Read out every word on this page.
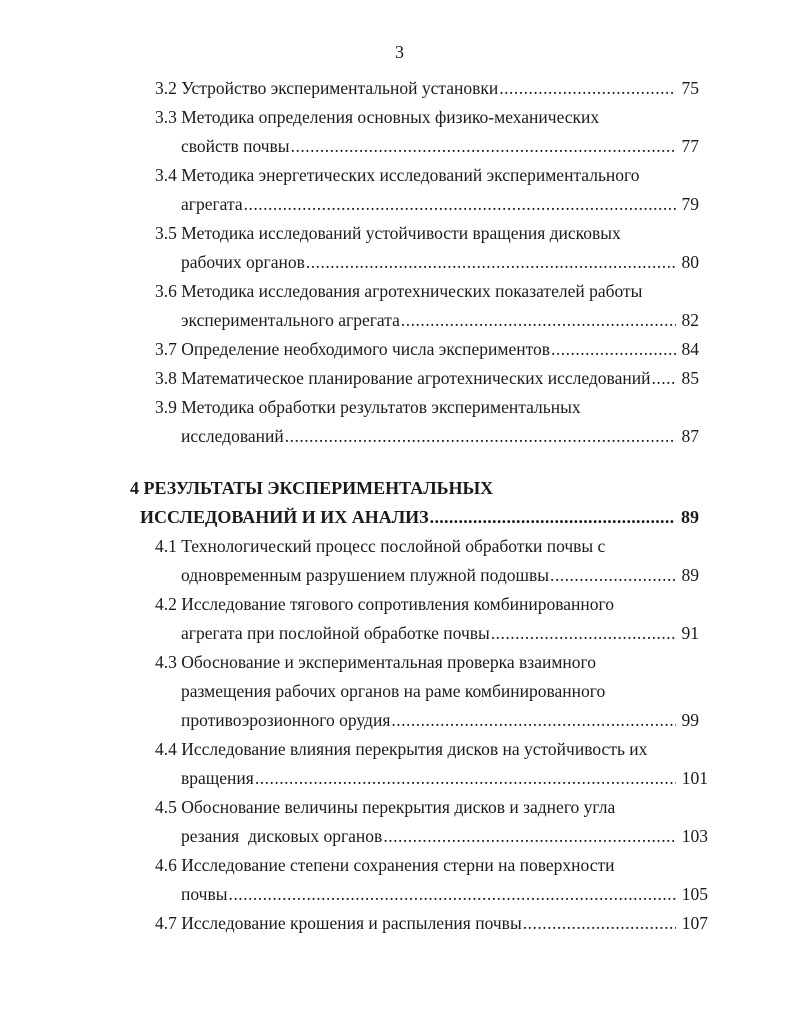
3
3.2 Устройство экспериментальной установки .....	75
3.3 Методика определения основных физико-механических
свойств почвы .....	77
3.4 Методика энергетических исследований экспериментального
агрегата .....	79
3.5 Методика исследований устойчивости вращения дисковых
рабочих органов .....	80
3.6 Методика исследования агротехнических показателей работы
экспериментального агрегата .....	82
3.7 Определение необходимого числа экспериментов .....	84
3.8 Математическое планирование агротехнических исследований .....	85
3.9 Методика обработки результатов экспериментальных
исследований .....	87
4 РЕЗУЛЬТАТЫ ЭКСПЕРИМЕНТАЛЬНЫХ
ИССЛЕДОВАНИЙ И ИХ АНАЛИЗ .....	89
4.1 Технологический процесс послойной обработки почвы с
одновременным разрушением плужной подошвы .....	89
4.2 Исследование тягового сопротивления комбинированного
агрегата при послойной обработке почвы .....	91
4.3 Обоснование и экспериментальная проверка взаимного
размещения рабочих органов на раме комбинированного
противоэрозионного орудия .....	99
4.4 Исследование влияния перекрытия дисков на устойчивость их
вращения .....	101
4.5 Обоснование величины перекрытия дисков и заднего угла
резания  дисковых органов .....	103
4.6 Исследование степени сохранения стерни на поверхности
почвы .....	105
4.7 Исследование крошения и распыления почвы .....	107
